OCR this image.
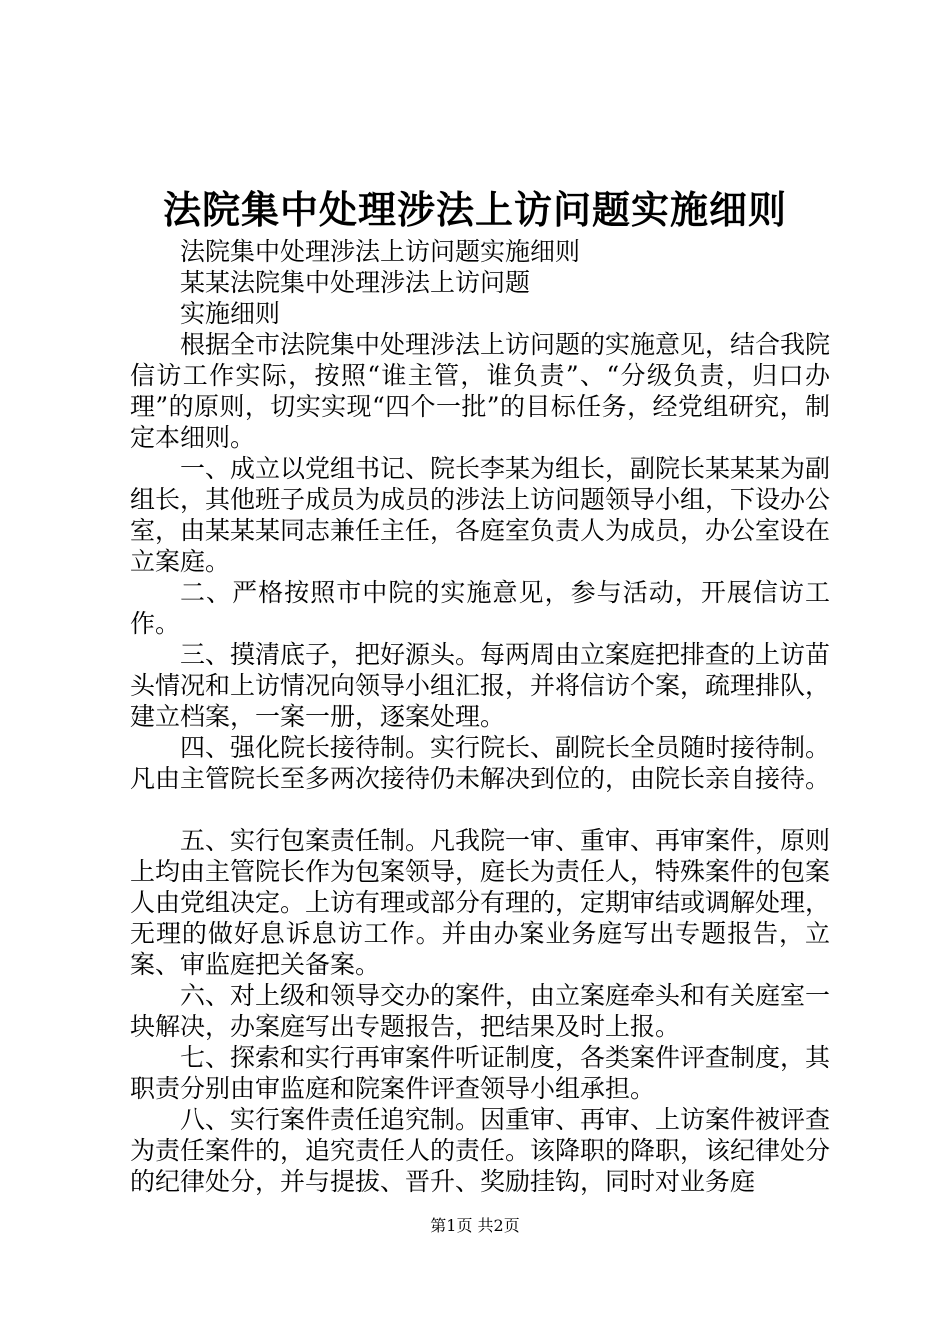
法院集中处理涉法上访问题实施细则

法院集中处理涉法上访问题实施细则

某某法院集中处理涉法上访问题

实施细则

根据全市法院集中处理涉法上访问题的实施意见，结合我院信访工作实际，按照“谁主管，谁负责”、“分级负责，归口办理”的原则，切实实现“四个一批”的目标任务，经党组研究，制定本细则。

一、成立以党组书记、院长李某为组长，副院长某某某为副组长，其他班子成员为成员的涉法上访问题领导小组，下设办公室，由某某某同志兼任主任，各庭室负责人为成员，办公室设在立案庭。

二、严格按照市中院的实施意见，参与活动，开展信访工作。

三、摸清底子，把好源头。每两周由立案庭把排查的上访苗头情况和上访情况向领导小组汇报，并将信访个案，疏理排队，建立档案，一案一册，逐案处理。

四、强化院长接待制。实行院长、副院长全员随时接待制。凡由主管院长至多两次接待仍未解决到位的，由院长亲自接待。

五、实行包案责任制。凡我院一审、重审、再审案件，原则上均由主管院长作为包案领导，庭长为责任人，特殊案件的包案人由党组决定。上访有理或部分有理的，定期审结或调解处理，无理的做好息诉息访工作。并由办案业务庭写出专题报告，立案、审监庭把关备案。

六、对上级和领导交办的案件，由立案庭牵头和有关庭室一块解决，办案庭写出专题报告，把结果及时上报。

七、探索和实行再审案件听证制度，各类案件评查制度，其职责分别由审监庭和院案件评查领导小组承担。

八、实行案件责任追究制。因重审、再审、上访案件被评查为责任案件的，追究责任人的责任。该降职的降职，该纪律处分的纪律处分，并与提拔、晋升、奖励挂钩，同时对业务庭

第1页 共2页
